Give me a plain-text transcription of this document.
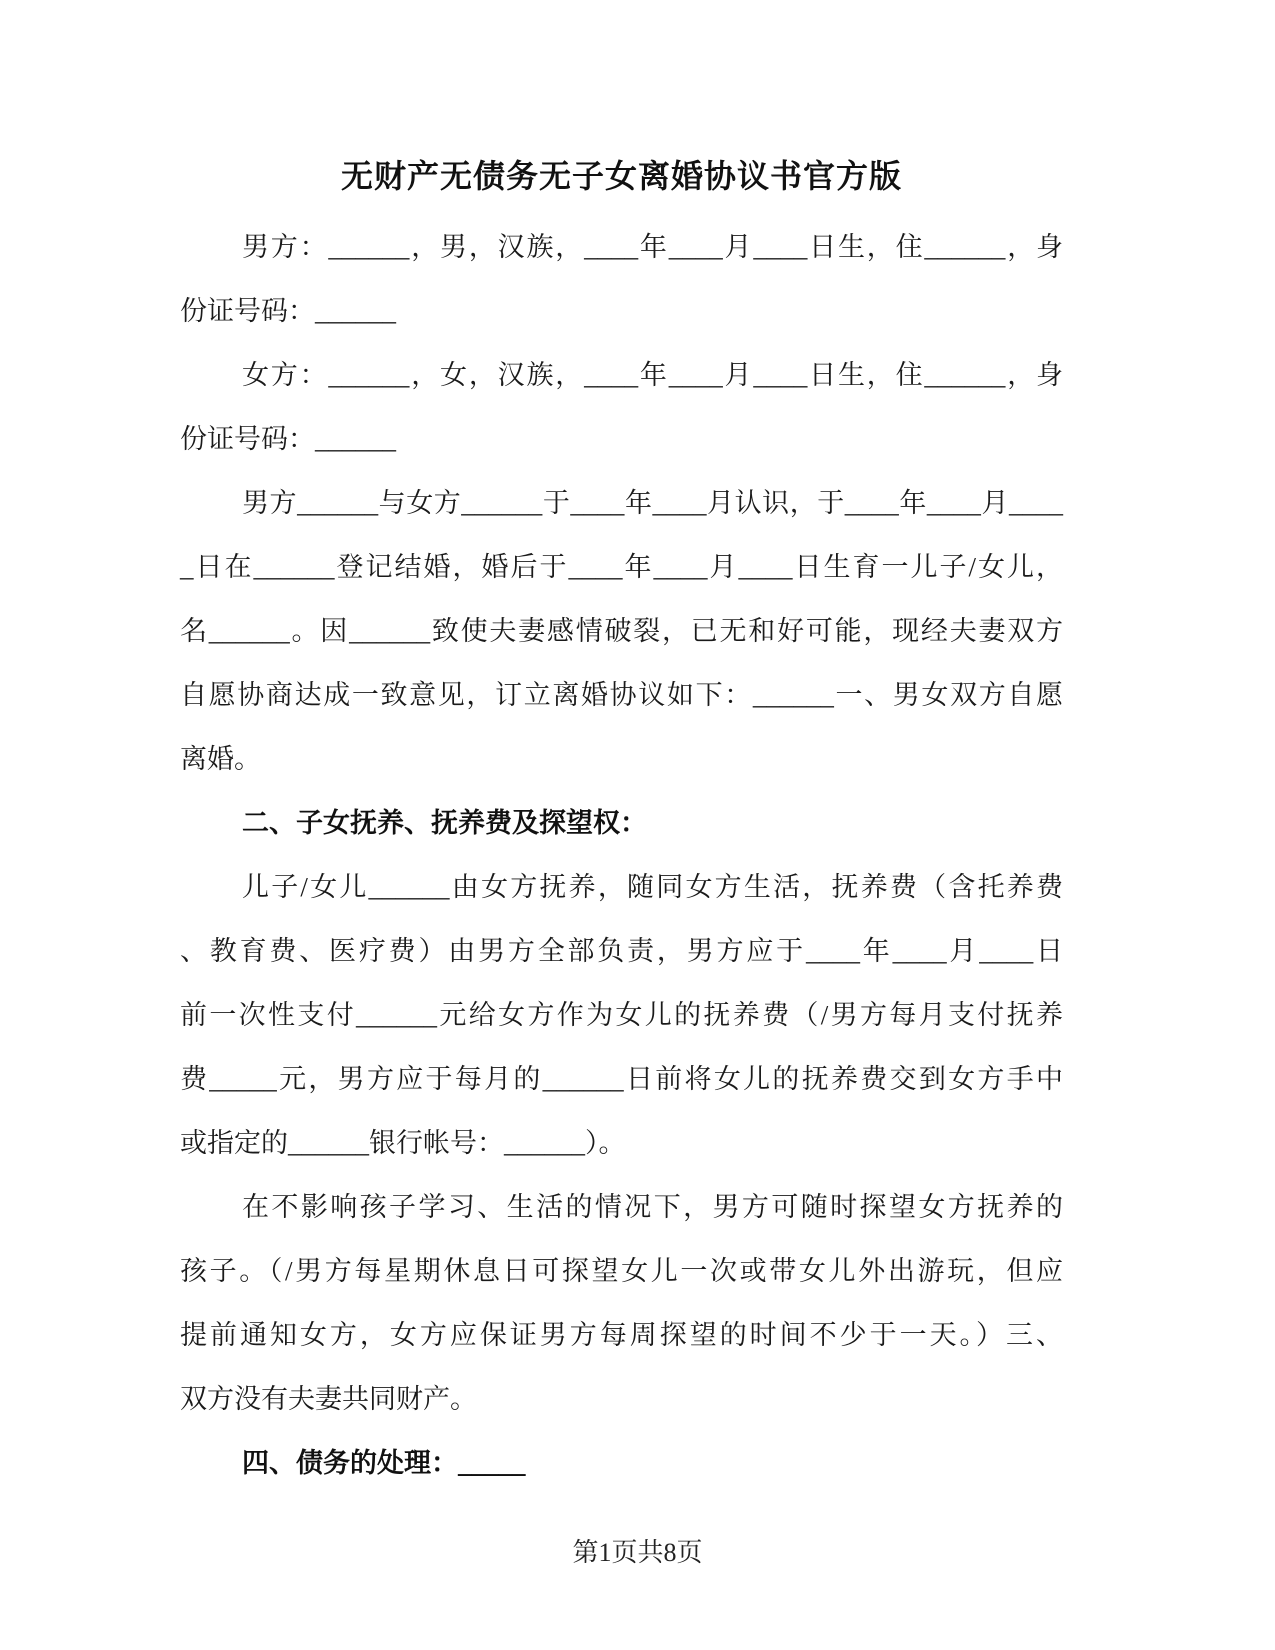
无财产无债务无子女离婚协议书官方版
男方：______，男，汉族，____年____月____日生，住______，身
份证号码：______
女方：______，女，汉族，____年____月____日生，住______，身
份证号码：______
男方______与女方______于____年____月认识，于____年____月____
_日在______登记结婚，婚后于____年____月____日生育一儿子/女儿，
名______。因______致使夫妻感情破裂，已无和好可能，现经夫妻双方
自愿协商达成一致意见，订立离婚协议如下：______一、男女双方自愿
离婚。
二、子女抚养、抚养费及探望权：
儿子/女儿______由女方抚养，随同女方生活，抚养费（含托养费
、教育费、医疗费）由男方全部负责，男方应于____年____月____日
前一次性支付______元给女方作为女儿的抚养费（/男方每月支付抚养
费_____元，男方应于每月的______日前将女儿的抚养费交到女方手中
或指定的______银行帐号：______）。
在不影响孩子学习、生活的情况下，男方可随时探望女方抚养的
孩子。（/男方每星期休息日可探望女儿一次或带女儿外出游玩，但应
提前通知女方，女方应保证男方每周探望的时间不少于一天。）三、
双方没有夫妻共同财产。
四、债务的处理：_____
第1页共8页
